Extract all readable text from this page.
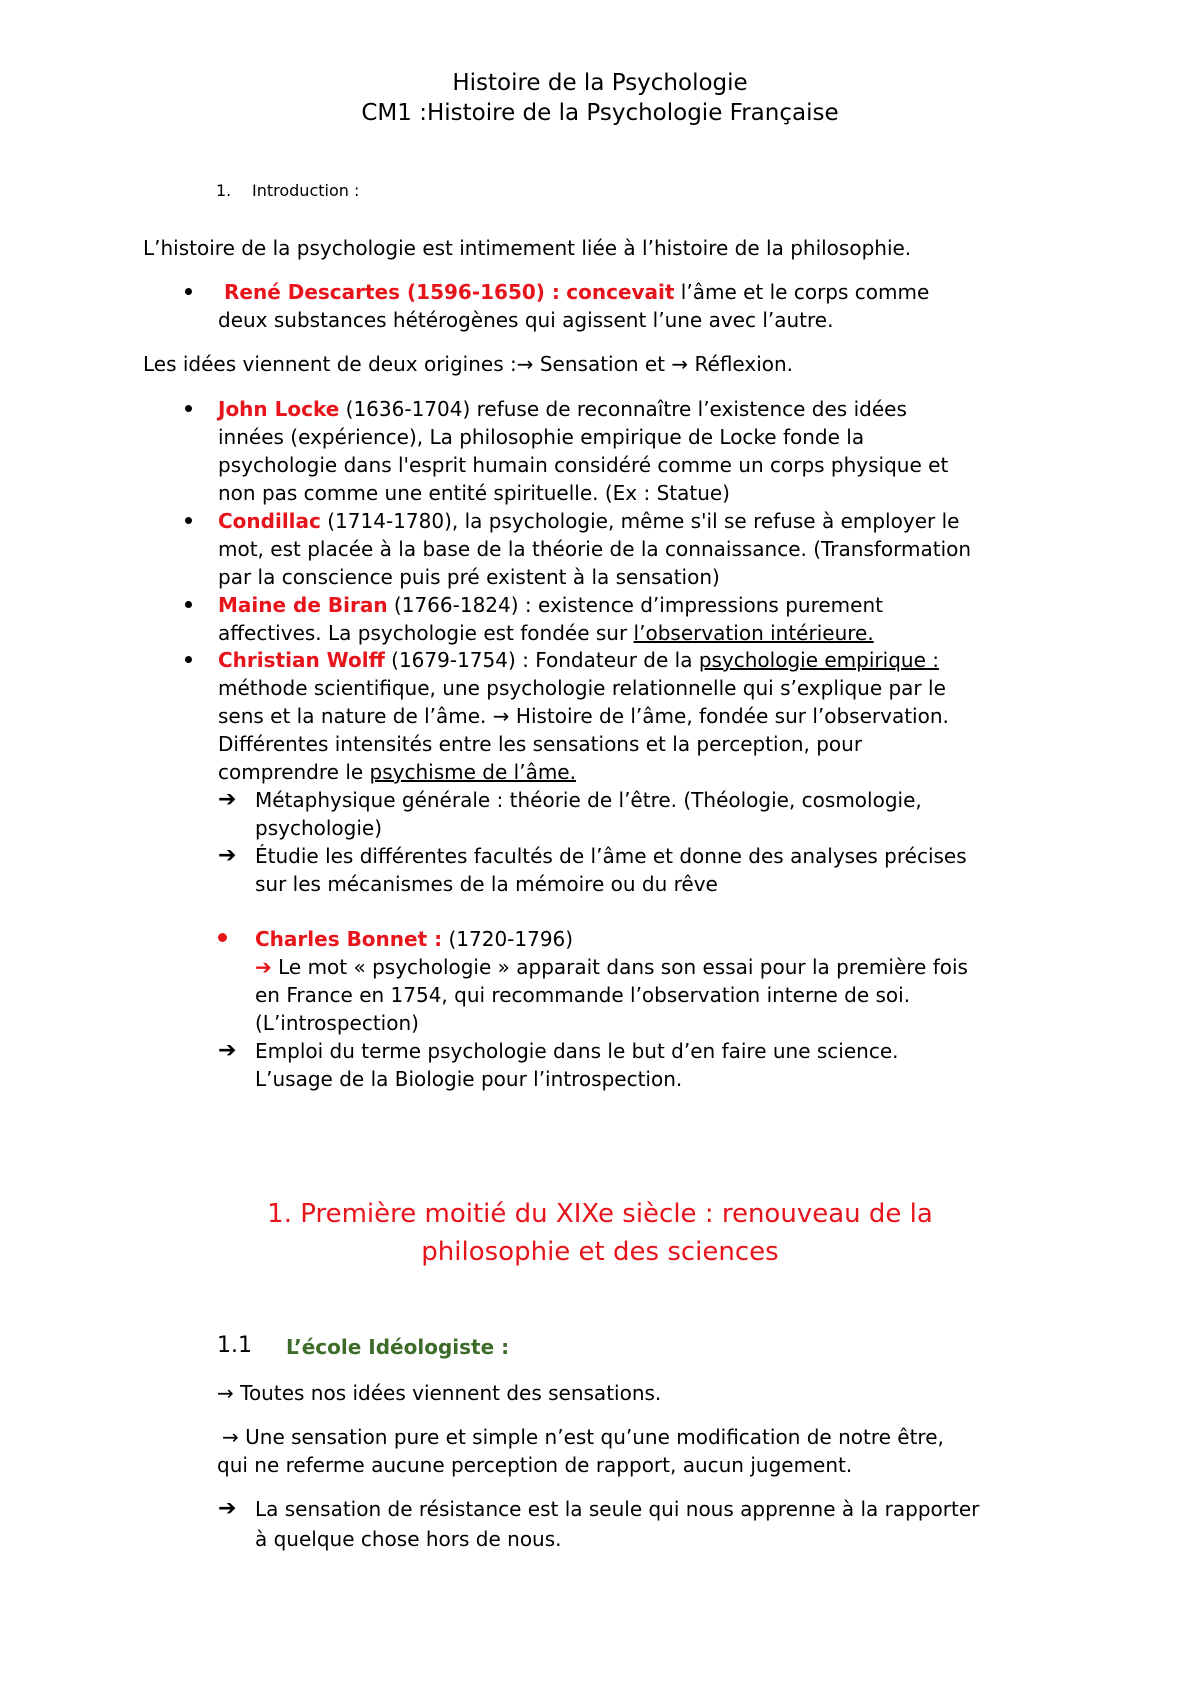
Histoire de la Psychologie
CM1 :Histoire de la Psychologie Française
1. Introduction :
L’histoire de la psychologie est intimement liée à l’histoire de la philosophie.
René Descartes (1596-1650) : concevait l’âme et le corps comme
deux substances hétérogènes qui agissent l’une avec l’autre.
Les idées viennent de deux origines :→ Sensation et → Réflexion.
John Locke (1636-1704) refuse de reconnaître l’existence des idées
innées (expérience), La philosophie empirique de Locke fonde la
psychologie dans l'esprit humain considéré comme un corps physique et
non pas comme une entité spirituelle. (Ex : Statue)
Condillac (1714-1780), la psychologie, même s'il se refuse à employer le
mot, est placée à la base de la théorie de la connaissance. (Transformation
par la conscience puis pré existent à la sensation)
Maine de Biran (1766-1824) : existence d’impressions purement
affectives. La psychologie est fondée sur l’observation intérieure.
Christian Wolff (1679-1754) : Fondateur de la psychologie empirique :
méthode scientifique, une psychologie relationnelle qui s’explique par le
sens et la nature de l’âme. → Histoire de l’âme, fondée sur l’observation.
Différentes intensités entre les sensations et la perception, pour
comprendre le psychisme de l’âme.
➔ Métaphysique générale : théorie de l’être. (Théologie, cosmologie,
psychologie)
➔ Étudie les différentes facultés de l’âme et donne des analyses précises
sur les mécanismes de la mémoire ou du rêve
Charles Bonnet : (1720-1796)
➔ Le mot « psychologie » apparait dans son essai pour la première fois
en France en 1754, qui recommande l’observation interne de soi.
(L’introspection)
➔ Emploi du terme psychologie dans le but d’en faire une science.
L’usage de la Biologie pour l’introspection.
1. Première moitié du XIXe siècle : renouveau de la
philosophie et des sciences
1.1 L’école Idéologiste :
→ Toutes nos idées viennent des sensations.
→ Une sensation pure et simple n’est qu’une modification de notre être,
qui ne referme aucune perception de rapport, aucun jugement.
➔ La sensation de résistance est la seule qui nous apprenne à la rapporter
à quelque chose hors de nous.
